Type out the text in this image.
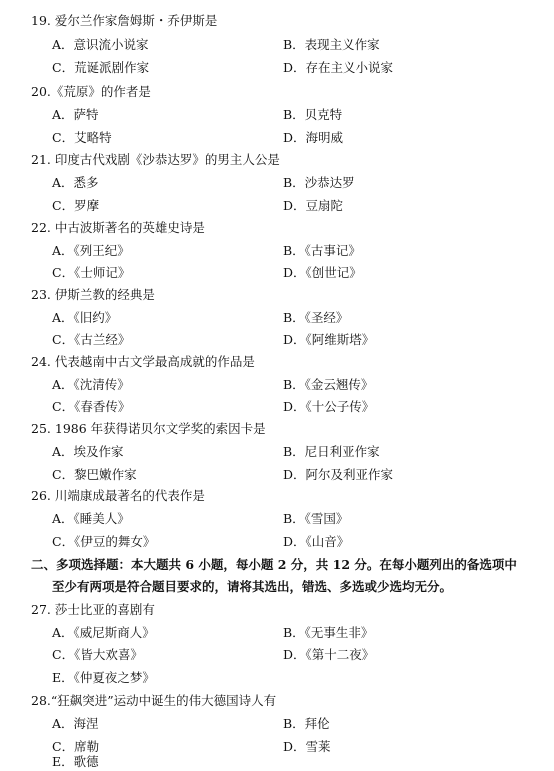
19. 爱尔兰作家詹姆斯・乔伊斯是
A．意识流小说家	B．表现主义作家
C．荒诞派剧作家	D．存在主义小说家
20.《荒原》的作者是
A．萨特	B．贝克特
C．艾略特	D．海明威
21. 印度古代戏剧《沙恭达罗》的男主人公是
A．悉多	B．沙恭达罗
C．罗摩	D．豆扇陀
22. 中古波斯著名的英雄史诗是
A．《列王纪》	B．《古事记》
C．《士师记》	D．《创世记》
23. 伊斯兰教的经典是
A．《旧约》	B．《圣经》
C．《古兰经》	D．《阿维斯塔》
24. 代表越南中古文学最高成就的作品是
A．《沈清传》	B．《金云翘传》
C．《春香传》	D．《十公子传》
25. 1986 年获得诺贝尔文学奖的索因卡是
A．埃及作家	B．尼日利亚作家
C．黎巴嫩作家	D．阿尔及利亚作家
26. 川端康成最著名的代表作是
A．《睡美人》	B．《雪国》
C．《伊豆的舞女》	D．《山音》
二、多项选择题：本大题共 6 小题，每小题 2 分，共 12 分。在每小题列出的备选项中
至少有两项是符合题目要求的，请将其选出，错选、多选或少选均无分。
27. 莎士比亚的喜剧有
A．《威尼斯商人》	B．《无事生非》
C．《皆大欢喜》	D．《第十二夜》
E．《仲夏夜之梦》
28.“狂飙突进”运动中诞生的伟大德国诗人有
A．海涅	B．拜伦
C．席勒	D．雪莱
E．歌德
